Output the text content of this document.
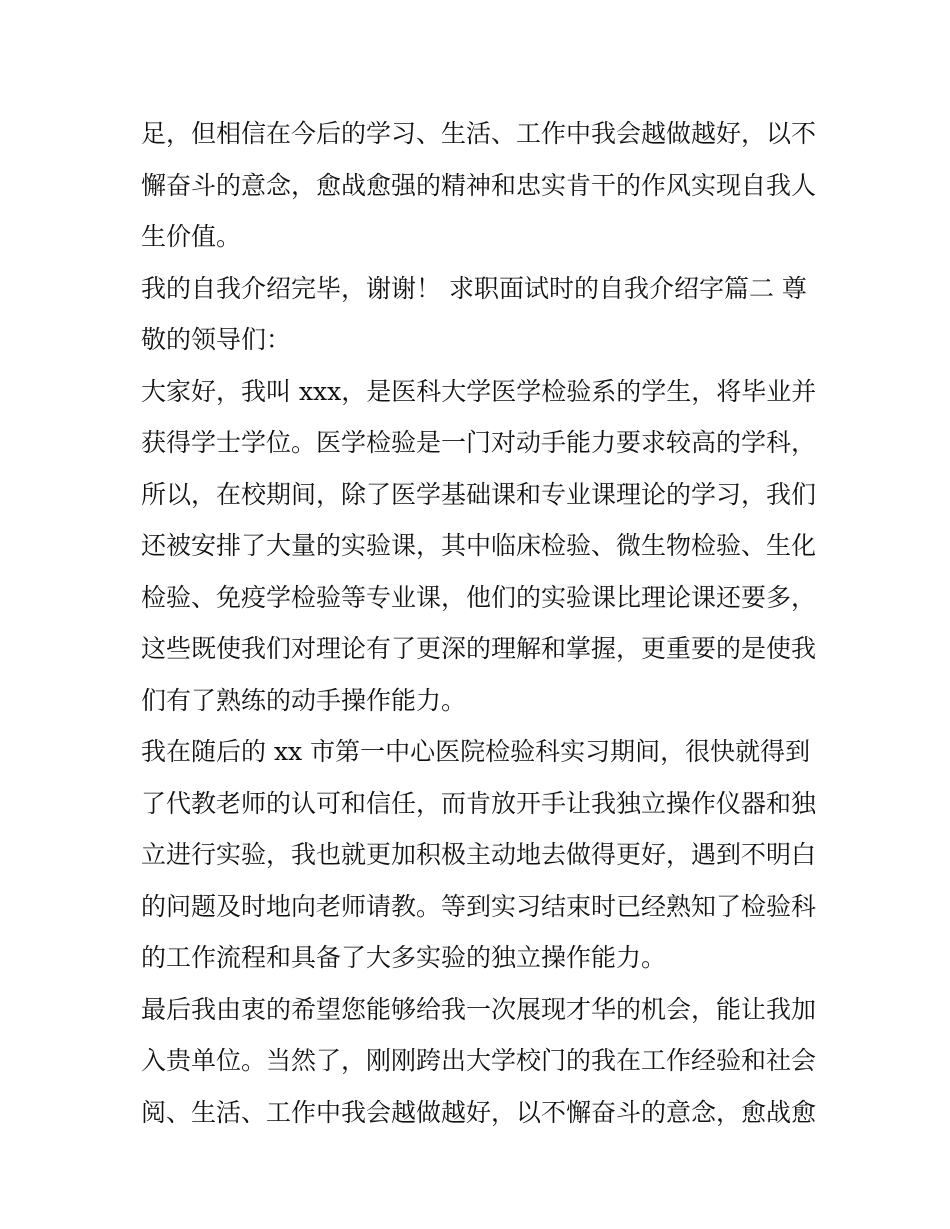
足，但相信在今后的学习、生活、工作中我会越做越好，以不
懈奋斗的意念，愈战愈强的精神和忠实肯干的作风实现自我人
生价值。

我的自我介绍完毕，谢谢！ 求职面试时的自我介绍字篇二 尊
敬的领导们：

大家好，我叫 xxx，是医科大学医学检验系的学生，将毕业并
获得学士学位。医学检验是一门对动手能力要求较高的学科，
所以，在校期间，除了医学基础课和专业课理论的学习，我们
还被安排了大量的实验课，其中临床检验、微生物检验、生化
检验、免疫学检验等专业课，他们的实验课比理论课还要多，
这些既使我们对理论有了更深的理解和掌握，更重要的是使我
们有了熟练的动手操作能力。

我在随后的 xx 市第一中心医院检验科实习期间，很快就得到
了代教老师的认可和信任，而肯放开手让我独立操作仪器和独
立进行实验，我也就更加积极主动地去做得更好，遇到不明白
的问题及时地向老师请教。等到实习结束时已经熟知了检验科
的工作流程和具备了大多实验的独立操作能力。

最后我由衷的希望您能够给我一次展现才华的机会，能让我加
入贵单位。当然了，刚刚跨出大学校门的我在工作经验和社会
阅、生活、工作中我会越做越好，以不懈奋斗的意念，愈战愈
